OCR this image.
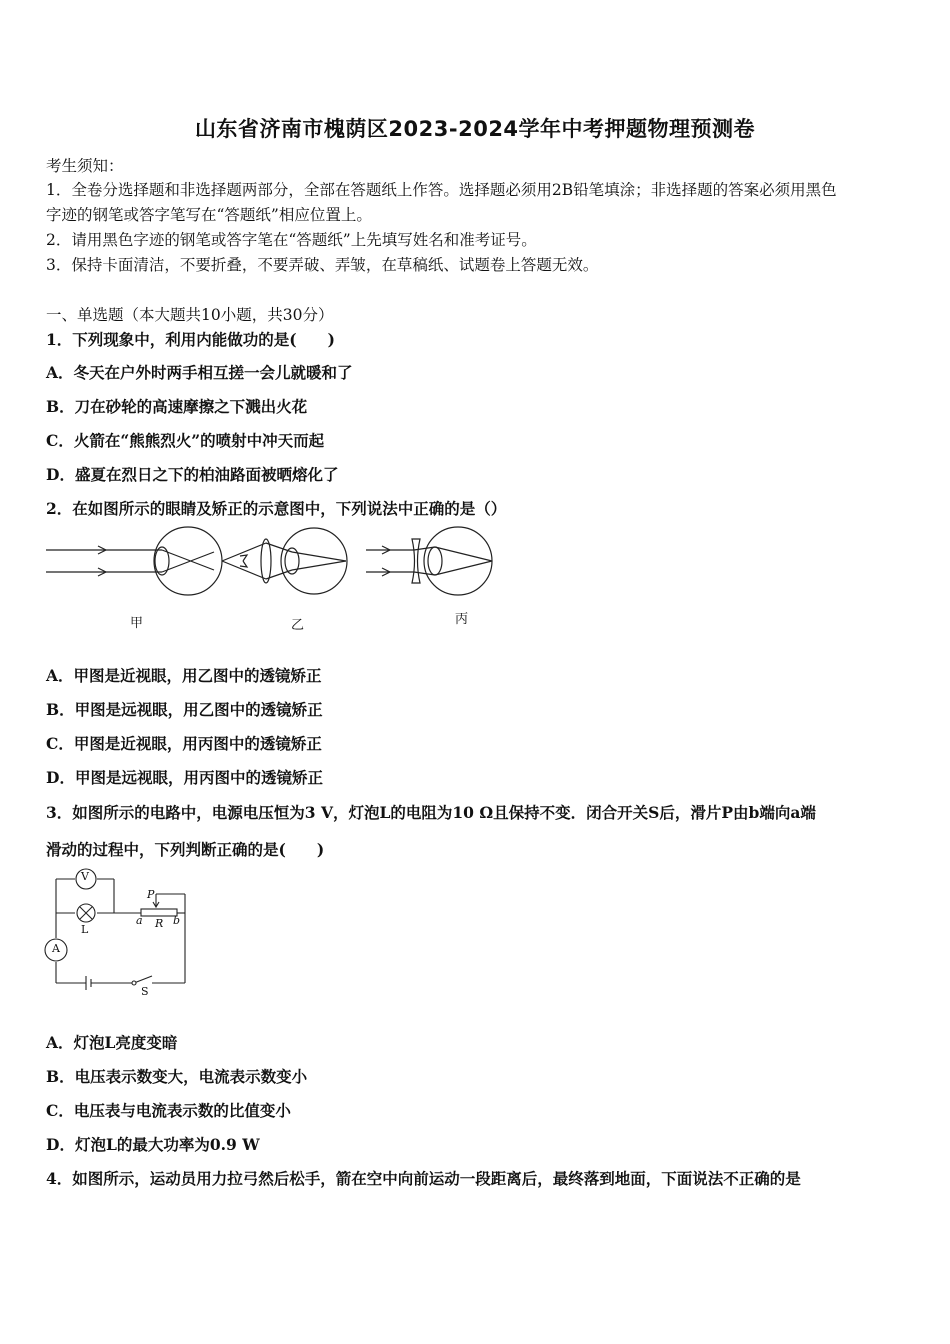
山东省济南市槐荫区2023-2024学年中考押题物理预测卷
考生须知：
1．全卷分选择题和非选择题两部分，全部在答题纸上作答。选择题必须用2B铅笔填涂；非选择题的答案必须用黑色
字迹的钢笔或答字笔写在“答题纸”相应位置上。
2．请用黑色字迹的钢笔或答字笔在“答题纸”上先填写姓名和准考证号。
3．保持卡面清洁，不要折叠，不要弄破、弄皱，在草稿纸、试题卷上答题无效。
一、单选题（本大题共10小题，共30分）
1．下列现象中，利用内能做功的是(　　)
A．冬天在户外时两手相互搓一会儿就暖和了
B．刀在砂轮的高速摩擦之下溅出火花
C．火箭在“熊熊烈火”的喷射中冲天而起
D．盛夏在烈日之下的柏油路面被晒熔化了
2．在如图所示的眼睛及矫正的示意图中，下列说法中正确的是（）
甲	乙	丙
A．甲图是近视眼，用乙图中的透镜矫正
B．甲图是远视眼，用乙图中的透镜矫正
C．甲图是近视眼，用丙图中的透镜矫正
D．甲图是远视眼，用丙图中的透镜矫正
3．如图所示的电路中，电源电压恒为3 V，灯泡L的电阻为10 Ω且保持不变．闭合开关S后，滑片P由b端向a端
滑动的过程中，下列判断正确的是(　　)
V
A
L
P
a R b
S
A．灯泡L亮度变暗
B．电压表示数变大，电流表示数变小
C．电压表与电流表示数的比值变小
D．灯泡L的最大功率为0.9 W
4．如图所示，运动员用力拉弓然后松手，箭在空中向前运动一段距离后，最终落到地面，下面说法不正确的是
